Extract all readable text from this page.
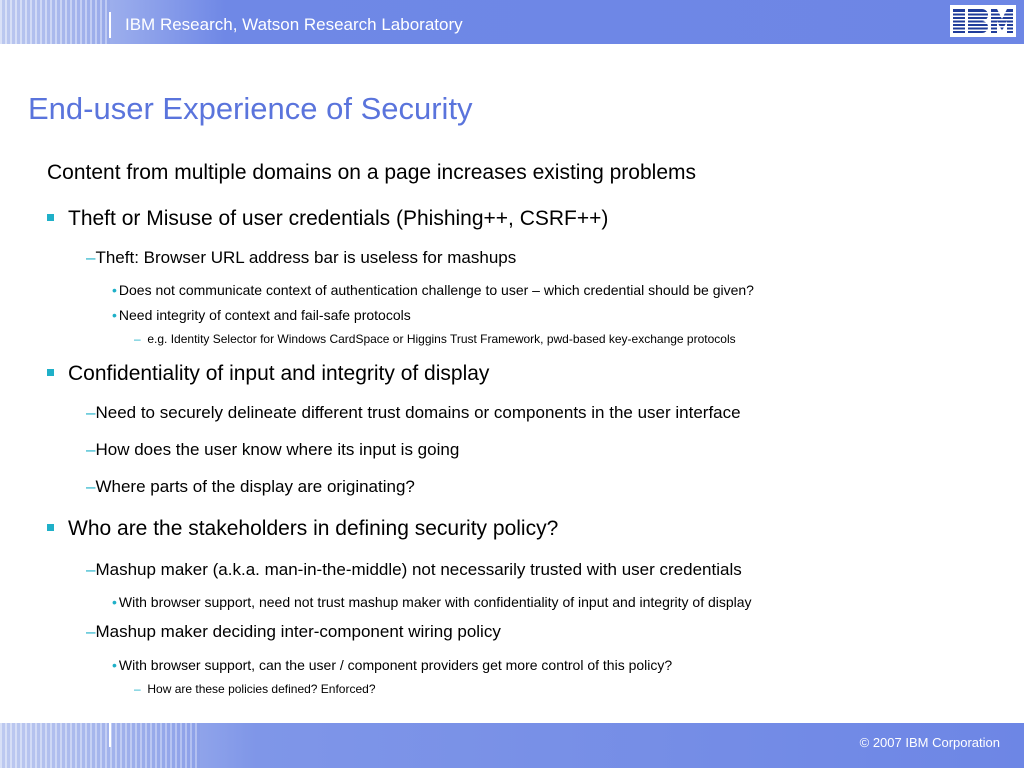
IBM Research, Watson Research Laboratory
End-user Experience of Security
Content from multiple domains on a page increases existing problems
Theft or Misuse of user credentials (Phishing++, CSRF++)
–Theft: Browser URL address bar is useless for mashups
• Does not communicate context of authentication challenge to user – which credential should be given?
• Need integrity of context and fail-safe protocols
– e.g. Identity Selector for Windows CardSpace or Higgins Trust Framework, pwd-based key-exchange protocols
Confidentiality of input and integrity of display
–Need to securely delineate different trust domains or components in the user interface
–How does the user know where its input is going
–Where parts of the display are originating?
Who are the stakeholders in defining security policy?
–Mashup maker (a.k.a. man-in-the-middle) not necessarily trusted with user credentials
• With browser support, need not trust mashup maker with confidentiality of input and integrity of display
–Mashup maker deciding inter-component wiring policy
• With browser support, can the user / component providers get more control of this policy?
– How are these policies defined? Enforced?
© 2007 IBM Corporation
